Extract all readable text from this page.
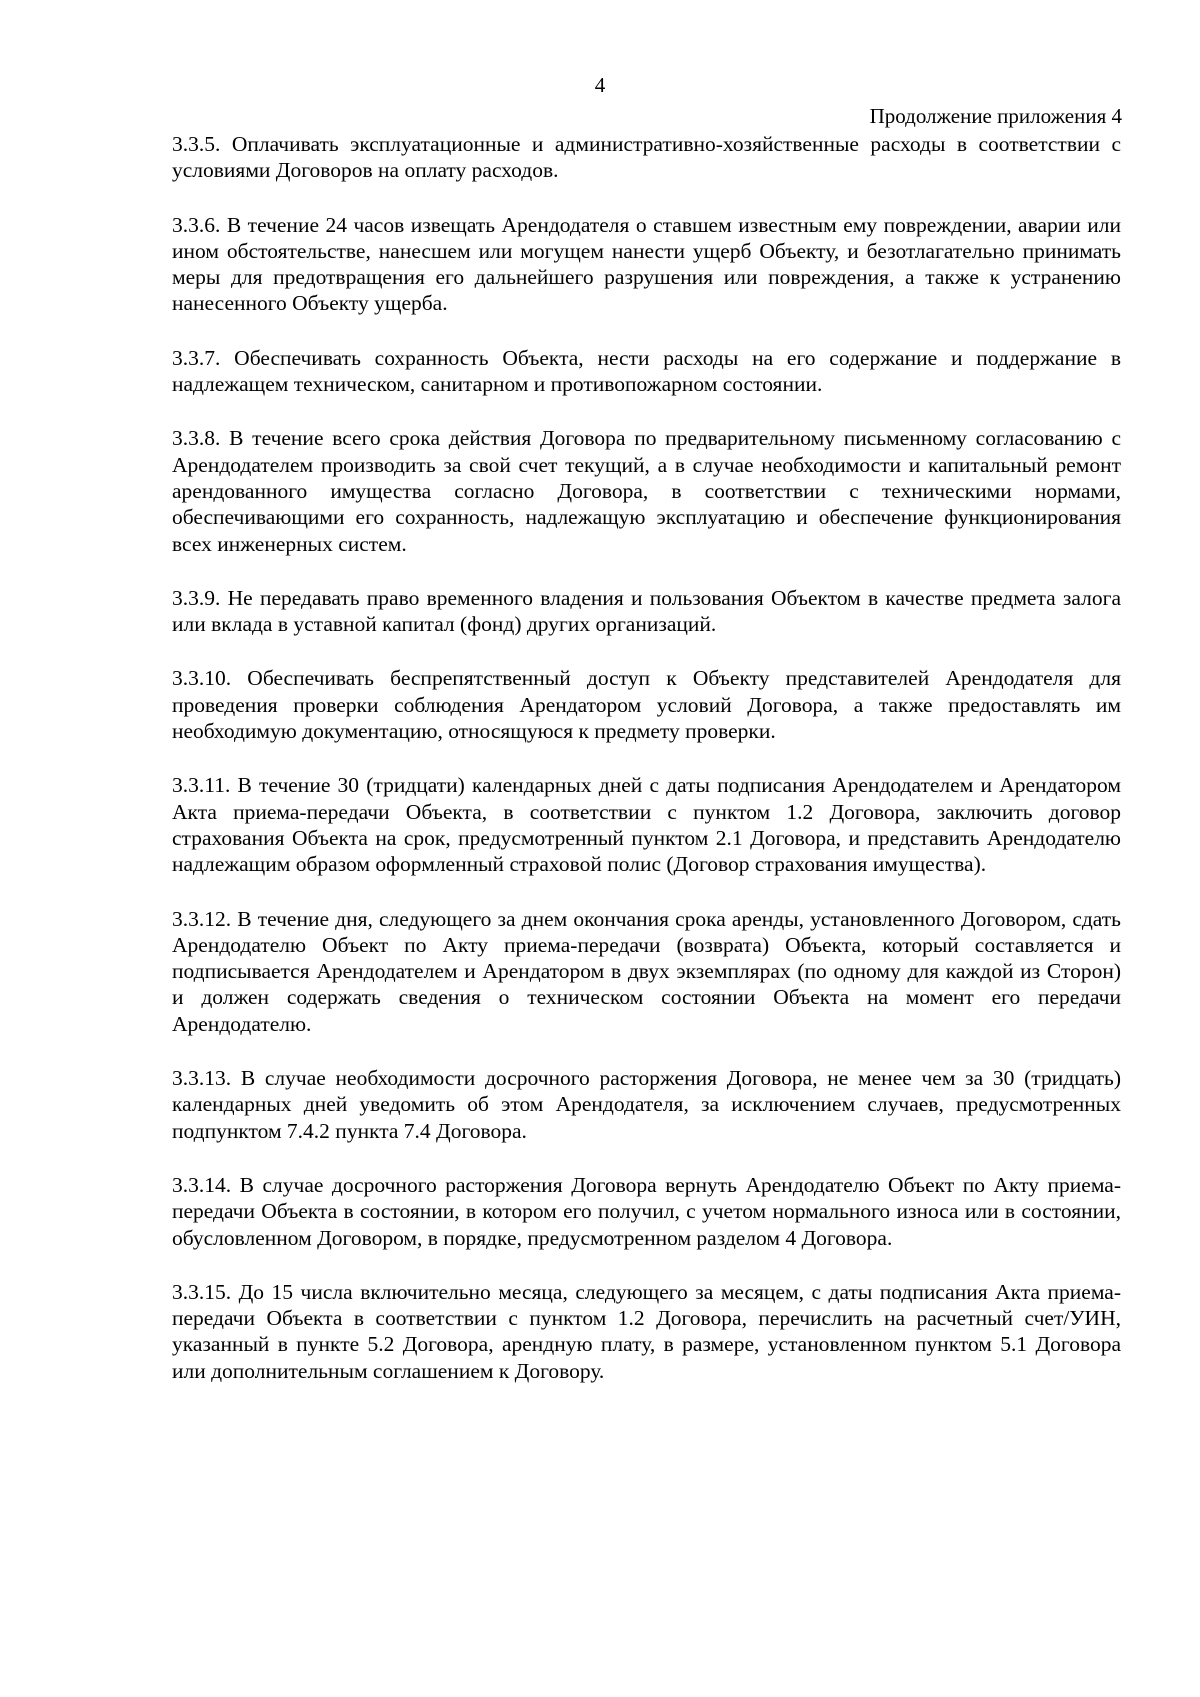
4
Продолжение приложения 4

3.3.5. Оплачивать эксплуатационные и административно-хозяйственные расходы в соответствии с условиями Договоров на оплату расходов.

3.3.6. В течение 24 часов извещать Арендодателя о ставшем известным ему повреждении, аварии или ином обстоятельстве, нанесшем или могущем нанести ущерб Объекту, и безотлагательно принимать меры для предотвращения его дальнейшего разрушения или повреждения, а также к устранению нанесенного Объекту ущерба.

3.3.7. Обеспечивать сохранность Объекта, нести расходы на его содержание и поддержание в надлежащем техническом, санитарном и противопожарном состоянии.

3.3.8. В течение всего срока действия Договора по предварительному письменному согласованию с Арендодателем производить за свой счет текущий, а в случае необходимости и капитальный ремонт арендованного имущества согласно Договора, в соответствии с техническими нормами, обеспечивающими его сохранность, надлежащую эксплуатацию и обеспечение функционирования всех инженерных систем.

3.3.9. Не передавать право временного владения и пользования Объектом в качестве предмета залога или вклада в уставной капитал (фонд) других организаций.

3.3.10. Обеспечивать беспрепятственный доступ к Объекту представителей Арендодателя для проведения проверки соблюдения Арендатором условий Договора, а также предоставлять им необходимую документацию, относящуюся к предмету проверки.

3.3.11. В течение 30 (тридцати) календарных дней с даты подписания Арендодателем и Арендатором Акта приема-передачи Объекта, в соответствии с пунктом 1.2 Договора, заключить договор страхования Объекта на срок, предусмотренный пунктом 2.1 Договора, и представить Арендодателю надлежащим образом оформленный страховой полис (Договор страхования имущества).

3.3.12. В течение дня, следующего за днем окончания срока аренды, установленного Договором, сдать Арендодателю Объект по Акту приема-передачи (возврата) Объекта, который составляется и подписывается Арендодателем и Арендатором в двух экземплярах (по одному для каждой из Сторон) и должен содержать сведения о техническом состоянии Объекта на момент его передачи Арендодателю.

3.3.13. В случае необходимости досрочного расторжения Договора, не менее чем за 30 (тридцать) календарных дней уведомить об этом Арендодателя, за исключением случаев, предусмотренных подпунктом 7.4.2 пункта 7.4 Договора.

3.3.14. В случае досрочного расторжения Договора вернуть Арендодателю Объект по Акту приема-передачи Объекта в состоянии, в котором его получил, с учетом нормального износа или в состоянии, обусловленном Договором, в порядке, предусмотренном разделом 4 Договора.

3.3.15. До 15 числа включительно месяца, следующего за месяцем, с даты подписания Акта приема-передачи Объекта в соответствии с пунктом 1.2 Договора, перечислить на расчетный счет/УИН, указанный в пункте 5.2 Договора, арендную плату, в размере, установленном пунктом 5.1 Договора или дополнительным соглашением к Договору.
